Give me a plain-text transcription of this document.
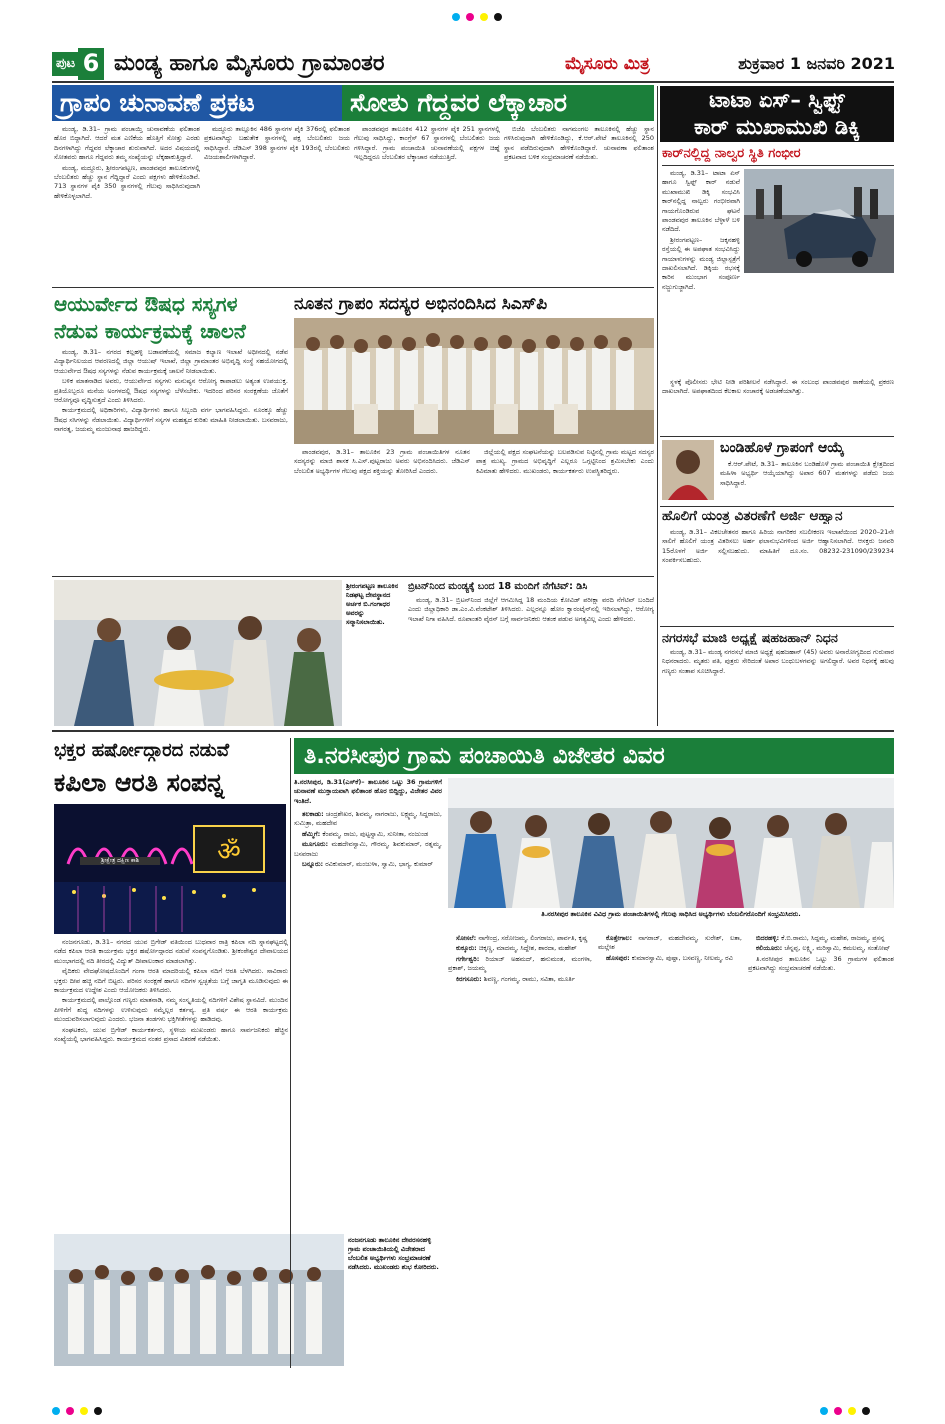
ಪುಟ 6 ಮಂಡ್ಯ ಹಾಗೂ ಮೈಸೂರು ಗ್ರಾಮಾಂತರ	ಮೈಸೂರು ಮಿತ್ರ	ಶುಕ್ರವಾರ 1 ಜನವರಿ 2021
ಗ್ರಾಪಂ ಚುನಾವಣೆ ಪ್ರಕಟ	ಸೋತು ಗೆದ್ದವರ ಲೆಕ್ಕಾಚಾರ

ಮಂಡ್ಯ, ಡಿ.31– ಗ್ರಾಮ ಪಂಚಾಯ್ತಿ ಚುನಾವಣೆಯ ಫಲಿತಾಂಶ ಹೊರ ಬಿದ್ದಾಗಿದೆ. ಆದರೆ ಮತ ಎಣಿಕೆಯ ಹೊತ್ತಿಗೆ ಸೋತ್ತು ಎರಡು ದಿನಗಳಾಗಿದ್ದು ಗೆದ್ದವರ ಲೆಕ್ಕಾಚಾರ ಶುರುವಾಗಿದೆ. ಅದರ ವಿಷಯದಲ್ಲಿ ಸೋತವರು ಹಾಗೂ ಗೆದ್ದವರು ತಮ್ಮ ಸಂಖ್ಯೆಯನ್ನು ಲೆಕ್ಕಹಾಕುತ್ತಿದ್ದಾರೆ.

ಮಂಡ್ಯ, ಮದ್ದೂರು, ಶ್ರೀರಂಗಪಟ್ಟಣ, ಪಾಂಡವಪುರ ತಾಲೂಕುಗಳಲ್ಲಿ ಬೆಂಬಲಿತರು ಹೆಚ್ಚು ಸ್ಥಾನ ಗೆದ್ದಿದ್ದಾರೆ ಎಂದು ಪಕ್ಷಗಳು ಹೇಳಿಕೊಂಡಿವೆ. 713 ಸ್ಥಾನಗಳ ಪೈಕಿ 350 ಸ್ಥಾನಗಳಲ್ಲಿ ಗೆಲುವು ಸಾಧಿಸಿರುವುದಾಗಿ ಹೇಳಿಕೊಳ್ಳಲಾಗಿದೆ.

ಮದ್ದೂರು ತಾಲ್ಲೂಕಿನ 486 ಸ್ಥಾನಗಳ ಪೈಕಿ 376ರಲ್ಲಿ ಫಲಿತಾಂಶ ಪ್ರಕಟವಾಗಿದ್ದು ಬಹುತೇಕ ಸ್ಥಾನಗಳಲ್ಲಿ ಪಕ್ಷ ಬೆಂಬಲಿತರು ಜಯ ಸಾಧಿಸಿದ್ದಾರೆ. ಜೆಡಿಎಸ್ 398 ಸ್ಥಾನಗಳ ಪೈಕಿ 193ರಲ್ಲಿ ಬೆಂಬಲಿತರು ವಿಜಯಶಾಲಿಗಳಾಗಿದ್ದಾರೆ.

ಪಾಂಡವಪುರ ತಾಲೂಕಿನ 412 ಸ್ಥಾನಗಳ ಪೈಕಿ 251 ಸ್ಥಾನಗಳಲ್ಲಿ ಗೆಲುವು ಸಾಧಿಸಿದ್ದು, ಕಾಂಗ್ರೆಸ್ 67 ಸ್ಥಾನಗಳಲ್ಲಿ ಬೆಂಬಲಿತರು ಜಯ ಗಳಿಸಿದ್ದಾರೆ. ಗ್ರಾಮ ಪಂಚಾಯಿತಿ ಚುನಾವಣೆಯಲ್ಲಿ ಪಕ್ಷಗಳ ಚಿಹ್ನೆ ಇಲ್ಲದಿದ್ದರೂ ಬೆಂಬಲಿತರ ಲೆಕ್ಕಾಚಾರ ನಡೆಯುತ್ತಿದೆ.

ಬಿಜೆಪಿ ಬೆಂಬಲಿತರು ನಾಗಮಂಗಲ ತಾಲೂಕಿನಲ್ಲಿ ಹೆಚ್ಚು ಸ್ಥಾನ ಗಳಿಸಿರುವುದಾಗಿ ಹೇಳಿಕೊಂಡಿದ್ದು, ಕೆ.ಆರ್.ಪೇಟೆ ತಾಲೂಕಿನಲ್ಲಿ 250 ಸ್ಥಾನ ಪಡೆದಿರುವುದಾಗಿ ಹೇಳಿಕೊಂಡಿದ್ದಾರೆ. ಚುನಾವಣಾ ಫಲಿತಾಂಶ ಪ್ರಕಟವಾದ ಬಳಿಕ ಸಂಭ್ರಮಾಚರಣೆ ನಡೆಯಿತು.

ಟಾಟಾ ಏಸ್– ಸ್ವಿಫ್ಟ್
ಕಾರ್ ಮುಖಾಮುಖಿ ಡಿಕ್ಕಿ
ಕಾರ್‌ನಲ್ಲಿದ್ದ ನಾಲ್ವರ ಸ್ಥಿತಿ ಗಂಭೀರ

ಮಂಡ್ಯ, ಡಿ.31– ಟಾಟಾ ಏಸ್ ಹಾಗೂ ಸ್ವಿಫ್ಟ್ ಕಾರ್ ನಡುವೆ ಮುಖಾಮುಖಿ ಡಿಕ್ಕಿ ಸಂಭವಿಸಿ ಕಾರ್‌ನಲ್ಲಿದ್ದ ನಾಲ್ವರು ಗಂಭೀರವಾಗಿ ಗಾಯಗೊಂಡಿರುವ ಘಟನೆ ಪಾಂಡವಪುರ ತಾಲೂಕಿನ ಬೆಳ್ಳಾಳೆ ಬಳಿ ನಡೆದಿದೆ.

ಶ್ರೀರಂಗಪಟ್ಟಣ– ಜಕ್ಕನಹಳ್ಳಿ ರಸ್ತೆಯಲ್ಲಿ ಈ ಅಪಘಾತ ಸಂಭವಿಸಿದ್ದು ಗಾಯಾಳುಗಳನ್ನು ಮಂಡ್ಯ ಜಿಲ್ಲಾಸ್ಪತ್ರೆಗೆ ದಾಖಲಿಸಲಾಗಿದೆ. ಡಿಕ್ಕಿಯ ರಭಸಕ್ಕೆ ಕಾರಿನ ಮುಂಭಾಗ ಸಂಪೂರ್ಣ ನಜ್ಜುಗುಜ್ಜಾಗಿದೆ.

ಸ್ಥಳಕ್ಕೆ ಪೊಲೀಸರು ಭೇಟಿ ನೀಡಿ ಪರಿಶೀಲನೆ ನಡೆಸಿದ್ದಾರೆ. ಈ ಸಂಬಂಧ ಪಾಂಡವಪುರ ಠಾಣೆಯಲ್ಲಿ ಪ್ರಕರಣ ದಾಖಲಾಗಿದೆ. ಅಪಘಾತದಿಂದ ಕೆಲಕಾಲ ಸಂಚಾರಕ್ಕೆ ಅಡಚಣೆಯಾಗಿತ್ತು.

ಆಯುರ್ವೇದ ಔಷಧ ಸಸ್ಯಗಳ
ನೆಡುವ ಕಾರ್ಯಕ್ರಮಕ್ಕೆ ಚಾಲನೆ

ಮಂಡ್ಯ, ಡಿ.31– ನಗರದ ಕಲ್ಲಹಳ್ಳಿ ಬಡಾವಣೆಯಲ್ಲಿ ಸಮಾಜ ಕಲ್ಯಾಣ ಇಲಾಖೆ ಅಧೀನದಲ್ಲಿ ನಡೆವ ವಿದ್ಯಾರ್ಥಿನಿಲಯದ ಆವರಣದಲ್ಲಿ ಜಿಲ್ಲಾ ಆಯುಷ್ ಇಲಾಖೆ, ಜಿಲ್ಲಾ ಗ್ರಾಮಾಂತರ ಅಭಿವೃದ್ಧಿ ಸಂಸ್ಥೆ ಸಹಯೋಗದಲ್ಲಿ ಆಯುರ್ವೇದ ಔಷಧ ಸಸ್ಯಗಳನ್ನು ನೆಡುವ ಕಾರ್ಯಕ್ರಮಕ್ಕೆ ಚಾಲನೆ ನೀಡಲಾಯಿತು.

ಬಳಿಕ ಮಾತನಾಡಿದ ಅವರು, ಆಯುರ್ವೇದ ಸಸ್ಯಗಳು ಮನುಷ್ಯನ ಆರೋಗ್ಯ ಕಾಪಾಡಲು ಅತ್ಯಂತ ಉಪಯುಕ್ತ. ಪ್ರತಿಯೊಬ್ಬರೂ ಮನೆಯ ಅಂಗಳದಲ್ಲಿ ಔಷಧ ಸಸ್ಯಗಳನ್ನು ಬೆಳೆಸಬೇಕು. ಇದರಿಂದ ಪರಿಸರ ಸಂರಕ್ಷಣೆಯ ಜೊತೆಗೆ ಆರೋಗ್ಯವೂ ವೃದ್ಧಿಸುತ್ತದೆ ಎಂದು ತಿಳಿಸಿದರು.

ಕಾರ್ಯಕ್ರಮದಲ್ಲಿ ಅಧಿಕಾರಿಗಳು, ವಿದ್ಯಾರ್ಥಿಗಳು ಹಾಗೂ ಸಿಬ್ಬಂದಿ ವರ್ಗ ಭಾಗವಹಿಸಿದ್ದರು. ನೂರಕ್ಕೂ ಹೆಚ್ಚು ಔಷಧ ಸಸಿಗಳನ್ನು ನೆಡಲಾಯಿತು. ವಿದ್ಯಾರ್ಥಿಗಳಿಗೆ ಸಸ್ಯಗಳ ಮಹತ್ವದ ಕುರಿತು ಮಾಹಿತಿ ನೀಡಲಾಯಿತು. ಬಸವರಾಜು, ನಾಗರತ್ನ, ಜಯಮ್ಮ ಮಂಜುನಾಥ ಹಾಜರಿದ್ದರು.

ನೂತನ ಗ್ರಾಪಂ ಸದಸ್ಯರ ಅಭಿನಂದಿಸಿದ ಸಿಎಸ್‌ಪಿ

ಪಾಂಡವಪುರ, ಡಿ.31– ತಾಲೂಕಿನ 23 ಗ್ರಾಮ ಪಂಚಾಯಿತಿಗಳ ನೂತನ ಸದಸ್ಯರನ್ನು ಮಾಜಿ ಶಾಸಕ ಸಿ.ಎಸ್.ಪುಟ್ಟರಾಜು ಅವರು ಅಭಿನಂದಿಸಿದರು. ಜೆಡಿಎಸ್ ಬೆಂಬಲಿತ ಅಭ್ಯರ್ಥಿಗಳ ಗೆಲುವು ಪಕ್ಷದ ಶಕ್ತಿಯನ್ನು ತೋರಿಸಿದೆ ಎಂದರು.

ಜಿಲ್ಲೆಯಲ್ಲಿ ಪಕ್ಷದ ಸಂಘಟನೆಯನ್ನು ಬಲಪಡಿಸುವ ನಿಟ್ಟಿನಲ್ಲಿ ಗ್ರಾಮ ಮಟ್ಟದ ಸದಸ್ಯರ ಪಾತ್ರ ಮುಖ್ಯ. ಗ್ರಾಮದ ಅಭಿವೃದ್ಧಿಗೆ ಎಲ್ಲರೂ ಒಗ್ಗಟ್ಟಿನಿಂದ ಶ್ರಮಿಸಬೇಕು ಎಂದು ಕಿವಿಮಾತು ಹೇಳಿದರು. ಮುಖಂಡರು, ಕಾರ್ಯಕರ್ತರು ಉಪಸ್ಥಿತರಿದ್ದರು.

ಬಂಡಿಹೊಳೆ ಗ್ರಾಪಂಗೆ ಆಯ್ಕೆ

ಕೆ.ಆರ್.ಪೇಟೆ, ಡಿ.31– ತಾಲೂಕಿನ ಬಂಡಿಹೊಳೆ ಗ್ರಾಮ ಪಂಚಾಯಿತಿ ಕ್ಷೇತ್ರದಿಂದ ಮಹಿಳಾ ಅಭ್ಯರ್ಥಿ ಆಯ್ಕೆಯಾಗಿದ್ದು ಅಪಾರ 607 ಮತಗಳನ್ನು ಪಡೆದು ಜಯ ಸಾಧಿಸಿದ್ದಾರೆ.

ಹೊಲಿಗೆ ಯಂತ್ರ ವಿತರಣೆಗೆ ಅರ್ಜಿ ಆಹ್ವಾನ

ಮಂಡ್ಯ, ಡಿ.31– ವಿಕಲಚೇತನರ ಹಾಗೂ ಹಿರಿಯ ನಾಗರಿಕರ ಸಬಲೀಕರಣ ಇಲಾಖೆಯಿಂದ 2020–21ನೇ ಸಾಲಿಗೆ ಹೊಲಿಗೆ ಯಂತ್ರ ವಿತರಿಸಲು ಅರ್ಹ ಫಲಾನುಭವಿಗಳಿಂದ ಅರ್ಜಿ ಆಹ್ವಾನಿಸಲಾಗಿದೆ. ಆಸಕ್ತರು ಜನವರಿ 15ರೊಳಗೆ ಅರ್ಜಿ ಸಲ್ಲಿಸಬಹುದು. ಮಾಹಿತಿಗೆ ದೂ.ಸಂ. 08232-231090/239234 ಸಂಪರ್ಕಿಸಬಹುದು.

ಶ್ರೀರಂಗಪಟ್ಟಣ ತಾಲೂಕಿನ ನಿಡಘಟ್ಟ ದೇವಸ್ಥಾನದ ಅರ್ಚಕ ಬಿ.ಗಂಗಾಧರ ಅವರನ್ನು ಸನ್ಮಾನಿಸಲಾಯಿತು.
ಬ್ರಿಟನ್‌ನಿಂದ ಮಂಡ್ಯಕ್ಕೆ ಬಂದ 18 ಮಂದಿಗೆ ನೆಗೆಟಿವ್: ಡಿಸಿ

ಮಂಡ್ಯ, ಡಿ.31– ಬ್ರಿಟನ್‌ನಿಂದ ಜಿಲ್ಲೆಗೆ ಆಗಮಿಸಿದ್ದ 18 ಮಂದಿಯ ಕೋವಿಡ್ ಪರೀಕ್ಷಾ ವರದಿ ನೆಗೆಟಿವ್ ಬಂದಿದೆ ಎಂದು ಜಿಲ್ಲಾಧಿಕಾರಿ ಡಾ.ಎಂ.ವಿ.ವೆಂಕಟೇಶ್ ತಿಳಿಸಿದರು. ಎಲ್ಲರನ್ನೂ ಹೋಂ ಕ್ವಾರಂಟೈನ್‌ನಲ್ಲಿ ಇರಿಸಲಾಗಿದ್ದು, ಆರೋಗ್ಯ ಇಲಾಖೆ ನಿಗಾ ವಹಿಸಿದೆ. ರೂಪಾಂತರಿ ವೈರಸ್ ಬಗ್ಗೆ ಸಾರ್ವಜನಿಕರು ಆತಂಕ ಪಡುವ ಅಗತ್ಯವಿಲ್ಲ ಎಂದು ಹೇಳಿದರು.

ನಗರಸಭೆ ಮಾಜಿ ಅಧ್ಯಕ್ಷೆ ಷಹಜಹಾನ್ ನಿಧನ

ಮಂಡ್ಯ, ಡಿ.31– ಮಂಡ್ಯ ನಗರಸಭೆ ಮಾಜಿ ಅಧ್ಯಕ್ಷೆ ಷಹಜಹಾನ್ (45) ಅವರು ಅನಾರೋಗ್ಯದಿಂದ ಗುರುವಾರ ನಿಧನರಾದರು. ಮೃತರು ಪತಿ, ಪುತ್ರರು ಸೇರಿದಂತೆ ಅಪಾರ ಬಂಧುಬಳಗವನ್ನು ಅಗಲಿದ್ದಾರೆ. ಅವರ ನಿಧನಕ್ಕೆ ಹಲವು ಗಣ್ಯರು ಸಂತಾಪ ಸೂಚಿಸಿದ್ದಾರೆ.

ಭಕ್ತರ ಹರ್ಷೋದ್ಗಾರದ ನಡುವೆ
ಕಪಿಲಾ ಆರತಿ ಸಂಪನ್ನ
ॐ
ಶ್ರೀಕ್ಷೇತ್ರ ದಕ್ಷಿಣ ಕಾಶಿ

ನಂಜನಗೂಡು, ಡಿ.31– ನಗರದ ಯುವ ಬ್ರಿಗೇಡ್ ವತಿಯಿಂದ ಬುಧವಾರ ರಾತ್ರಿ ಕಪಿಲಾ ನದಿ ಸ್ನಾನಘಟ್ಟದಲ್ಲಿ ನಡೆದ ಕಪಿಲಾ ಆರತಿ ಕಾರ್ಯಕ್ರಮ ಭಕ್ತರ ಹರ್ಷೋದ್ಗಾರದ ನಡುವೆ ಸಂಪನ್ನಗೊಂಡಿತು. ಶ್ರೀಕಂಠೇಶ್ವರ ದೇವಾಲಯದ ಮುಂಭಾಗದಲ್ಲಿ ನದಿ ತೀರದಲ್ಲಿ ವಿದ್ಯುತ್ ದೀಪಾಲಂಕಾರ ಮಾಡಲಾಗಿತ್ತು.

ವೈದಿಕರು ವೇದಘೋಷದೊಂದಿಗೆ ಗಂಗಾ ಆರತಿ ಮಾದರಿಯಲ್ಲಿ ಕಪಿಲಾ ನದಿಗೆ ಆರತಿ ಬೆಳಗಿದರು. ಸಾವಿರಾರು ಭಕ್ತರು ದೀಪ ಹಚ್ಚಿ ನದಿಗೆ ಬಿಟ್ಟರು. ಪರಿಸರ ಸಂರಕ್ಷಣೆ ಹಾಗೂ ನದಿಗಳ ಸ್ವಚ್ಛತೆಯ ಬಗ್ಗೆ ಜಾಗೃತಿ ಮೂಡಿಸುವುದು ಈ ಕಾರ್ಯಕ್ರಮದ ಉದ್ದೇಶ ಎಂದು ಆಯೋಜಕರು ತಿಳಿಸಿದರು.

ಕಾರ್ಯಕ್ರಮದಲ್ಲಿ ಪಾಲ್ಗೊಂಡ ಗಣ್ಯರು ಮಾತನಾಡಿ, ನಮ್ಮ ಸಂಸ್ಕೃತಿಯಲ್ಲಿ ನದಿಗಳಿಗೆ ವಿಶೇಷ ಸ್ಥಾನವಿದೆ. ಮುಂದಿನ ಪೀಳಿಗೆಗೆ ಶುದ್ಧ ನದಿಗಳನ್ನು ಉಳಿಸುವುದು ನಮ್ಮೆಲ್ಲರ ಕರ್ತವ್ಯ. ಪ್ರತಿ ವರ್ಷ ಈ ಆರತಿ ಕಾರ್ಯಕ್ರಮ ಮುಂದುವರಿಸಲಾಗುವುದು ಎಂದರು. ಭಜನಾ ತಂಡಗಳು ಭಕ್ತಿಗೀತೆಗಳನ್ನು ಹಾಡಿದವು.

ಸಂಘಟಕರು, ಯುವ ಬ್ರಿಗೇಡ್ ಕಾರ್ಯಕರ್ತರು, ಸ್ಥಳೀಯ ಮುಖಂಡರು ಹಾಗೂ ಸಾರ್ವಜನಿಕರು ಹೆಚ್ಚಿನ ಸಂಖ್ಯೆಯಲ್ಲಿ ಭಾಗವಹಿಸಿದ್ದರು. ಕಾರ್ಯಕ್ರಮದ ನಂತರ ಪ್ರಸಾದ ವಿತರಣೆ ನಡೆಯಿತು.

ನಂಜನಗೂಡು ತಾಲೂಕಿನ ದೇವರಸನಹಳ್ಳಿ ಗ್ರಾಮ ಪಂಚಾಯಿತಿಯಲ್ಲಿ ವಿಜೇತರಾದ ಬೆಂಬಲಿತ ಅಭ್ಯರ್ಥಿಗಳು ಸಂಭ್ರಮಾಚರಣೆ ನಡೆಸಿದರು. ಮುಖಂಡರು ಶುಭ ಕೋರಿದರು.
ತಿ.ನರಸೀಪುರ ಗ್ರಾಮ ಪಂಚಾಯಿತಿ ವಿಜೇತರ ವಿವರ

ತಿ.ನರಸೀಪುರ, ಡಿ.31(ಎಸ್‌ಕೆ)– ತಾಲೂಕಿನ ಒಟ್ಟು 36 ಗ್ರಾಮಗಳಿಗೆ ಚುನಾವಣೆ ಮುಕ್ತಾಯವಾಗಿ ಫಲಿತಾಂಶ ಹೊರ ಬಿದ್ದಿದ್ದು, ವಿಜೇತರ ವಿವರ ಇಂತಿದೆ.

ತಿ.ನರಸೀಪುರ ತಾಲೂಕಿನ ವಿವಿಧ ಗ್ರಾಮ ಪಂಚಾಯಿತಿಗಳಲ್ಲಿ ಗೆಲುವು ಸಾಧಿಸಿದ ಅಭ್ಯರ್ಥಿಗಳು ಬೆಂಬಲಿಗರೊಂದಿಗೆ ಸಂಭ್ರಮಿಸಿದರು.

ತಲಕಾಡು: ಚಂದ್ರಶೇಖರ, ಶಿವಮ್ಮ, ನಾಗರಾಜು, ಲಕ್ಷ್ಮಮ್ಮ, ಸಿದ್ದರಾಜು, ಸುಮಿತ್ರಾ, ಮಹದೇವ

ಹೆಮ್ಮಿಗೆ: ಕೆಂಪಮ್ಮ, ರಾಜು, ಪುಟ್ಟಸ್ವಾಮಿ, ಸುನೀತಾ, ನಂಜುಂಡ

ಮೂಗೂರು: ಮಹದೇವಸ್ವಾಮಿ, ಗೌರಮ್ಮ, ಶಿವಕುಮಾರ್, ರತ್ನಮ್ಮ, ಬಸವರಾಜು

ಬನ್ನೂರು: ರವಿಕುಮಾರ್, ಮಂಜುಳಾ, ಸ್ವಾಮಿ, ಭಾಗ್ಯ, ಕುಮಾರ್

ಸೋಸಲೆ: ನಾಗೇಂದ್ರ, ಸರೋಜಮ್ಮ, ಲಿಂಗರಾಜು, ಪಾರ್ವತಿ, ಕೃಷ್ಣ

ಕುಕ್ಕೂರು: ಚಿಕ್ಕಣ್ಣ, ಮಾದಮ್ಮ, ಸಿದ್ದೇಶ, ಶಾರದಾ, ಮಹೇಶ್

ಗರ್ಗೇಶ್ವರಿ: ರಿಯಾಜ್ ಅಹಮದ್, ಹನುಮಂತ, ಮಂಗಳಾ, ಪ್ರಕಾಶ್, ಜಯಮ್ಮ

ಕಿರಗಸೂರು: ಶಿವಣ್ಣ, ಗಂಗಮ್ಮ, ರಾಮು, ಸವಿತಾ, ಮೂರ್ತಿ

ಕೊತ್ತೇಗಾಲ: ನಾಗರಾಜ್, ಮಹದೇವಮ್ಮ, ಸುರೇಶ್, ಲತಾ, ಮಲ್ಲೇಶ

ಹೊಸಪುರ: ಕುಮಾರಸ್ವಾಮಿ, ಪುಷ್ಪಾ, ಬಸವಣ್ಣ, ನೀಲಮ್ಮ, ರವಿ

ಬಿದರಹಳ್ಳಿ: ಕೆ.ಬಿ.ರಾಮು, ಸಿದ್ದಮ್ಮ, ಮಹೇಶ, ರಾಜಮ್ಮ, ಪ್ರಸನ್ನ

ಕಲಿಯೂರು: ಚೆನ್ನಪ್ಪ, ಲಕ್ಷ್ಮಿ, ಮರಿಸ್ವಾಮಿ, ಕಮಲಮ್ಮ, ಸಂತೋಷ್

ತಿ.ನರಸೀಪುರ ತಾಲೂಕಿನ ಒಟ್ಟು 36 ಗ್ರಾಮಗಳ ಫಲಿತಾಂಶ ಪ್ರಕಟವಾಗಿದ್ದು ಸಂಭ್ರಮಾಚರಣೆ ನಡೆಯಿತು.
